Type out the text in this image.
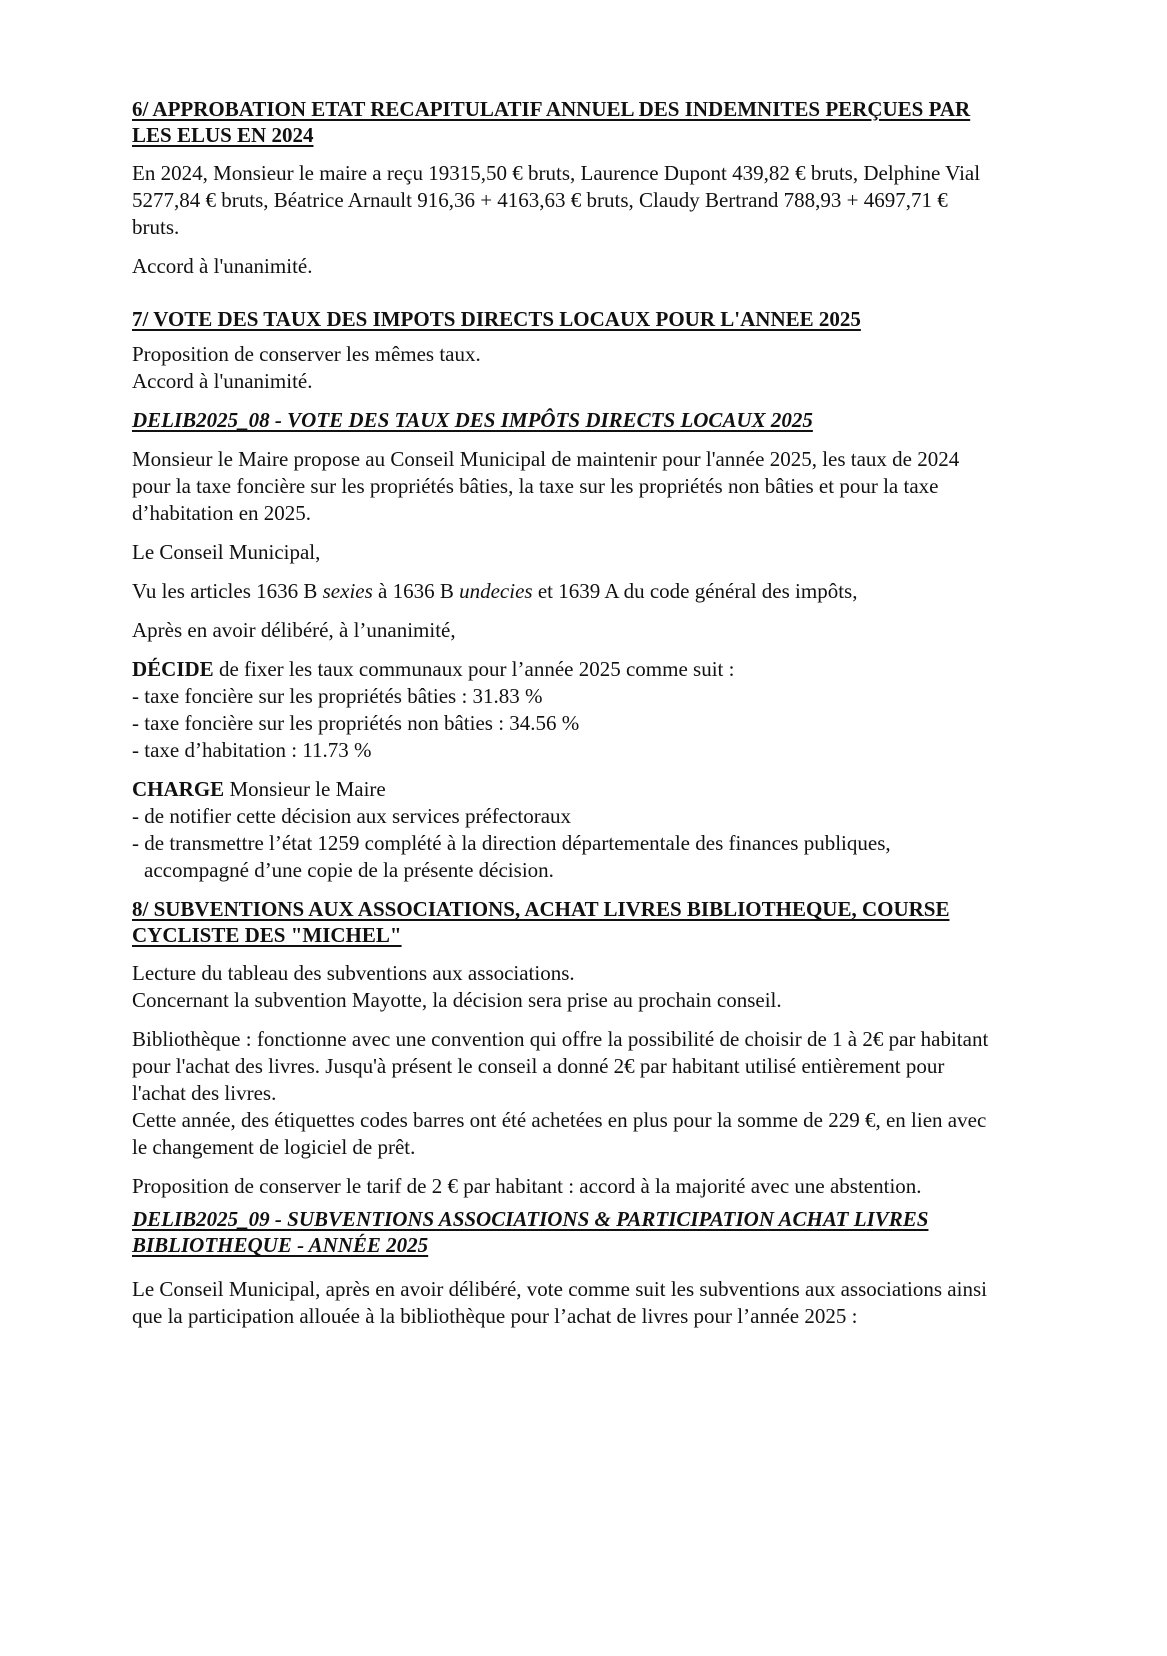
6/ APPROBATION ETAT RECAPITULATIF ANNUEL DES INDEMNITES PERÇUES PAR LES ELUS EN 2024

En 2024, Monsieur le maire a reçu 19315,50 € bruts, Laurence Dupont 439,82 € bruts, Delphine Vial 5277,84 € bruts, Béatrice Arnault 916,36 + 4163,63 € bruts, Claudy Bertrand 788,93 + 4697,71 € bruts.

Accord à l'unanimité.

7/ VOTE DES TAUX DES IMPOTS DIRECTS LOCAUX POUR L'ANNEE 2025

Proposition de conserver les mêmes taux.

Accord à l'unanimité.

DELIB2025_08 - VOTE DES TAUX DES IMPÔTS DIRECTS LOCAUX 2025

Monsieur le Maire propose au Conseil Municipal de maintenir pour l'année 2025, les taux de 2024 pour la taxe foncière sur les propriétés bâties, la taxe sur les propriétés non bâties et pour la taxe d’habitation en 2025.

Le Conseil Municipal,

Vu les articles 1636 B sexies à 1636 B undecies et 1639 A du code général des impôts,

Après en avoir délibéré, à l’unanimité,

DÉCIDE de fixer les taux communaux pour l’année 2025 comme suit :

- taxe foncière sur les propriétés bâties : 31.83 %
- taxe foncière sur les propriétés non bâties : 34.56 %
- taxe d’habitation : 11.73 %

CHARGE Monsieur le Maire

- de notifier cette décision aux services préfectoraux
- de transmettre l’état 1259 complété à la direction départementale des finances publiques,
accompagné d’une copie de la présente décision.
8/ SUBVENTIONS AUX ASSOCIATIONS, ACHAT LIVRES BIBLIOTHEQUE, COURSE CYCLISTE DES "MICHEL"

Lecture du tableau des subventions aux associations.

Concernant la subvention Mayotte, la décision sera prise au prochain conseil.

Bibliothèque : fonctionne avec une convention qui offre la possibilité de choisir de 1 à 2€ par habitant pour l'achat des livres. Jusqu'à présent le conseil a donné 2€ par habitant utilisé entièrement pour l'achat des livres.

Cette année, des étiquettes codes barres ont été achetées en plus pour la somme de 229 €, en lien avec le changement de logiciel de prêt.

Proposition de conserver le tarif de 2 € par habitant : accord à la majorité avec une abstention.

DELIB2025_09 - SUBVENTIONS ASSOCIATIONS & PARTICIPATION ACHAT LIVRES BIBLIOTHEQUE - ANNÉE 2025

Le Conseil Municipal, après en avoir délibéré, vote comme suit les subventions aux associations ainsi que la participation allouée à la bibliothèque pour l’achat de livres pour l’année 2025 :
